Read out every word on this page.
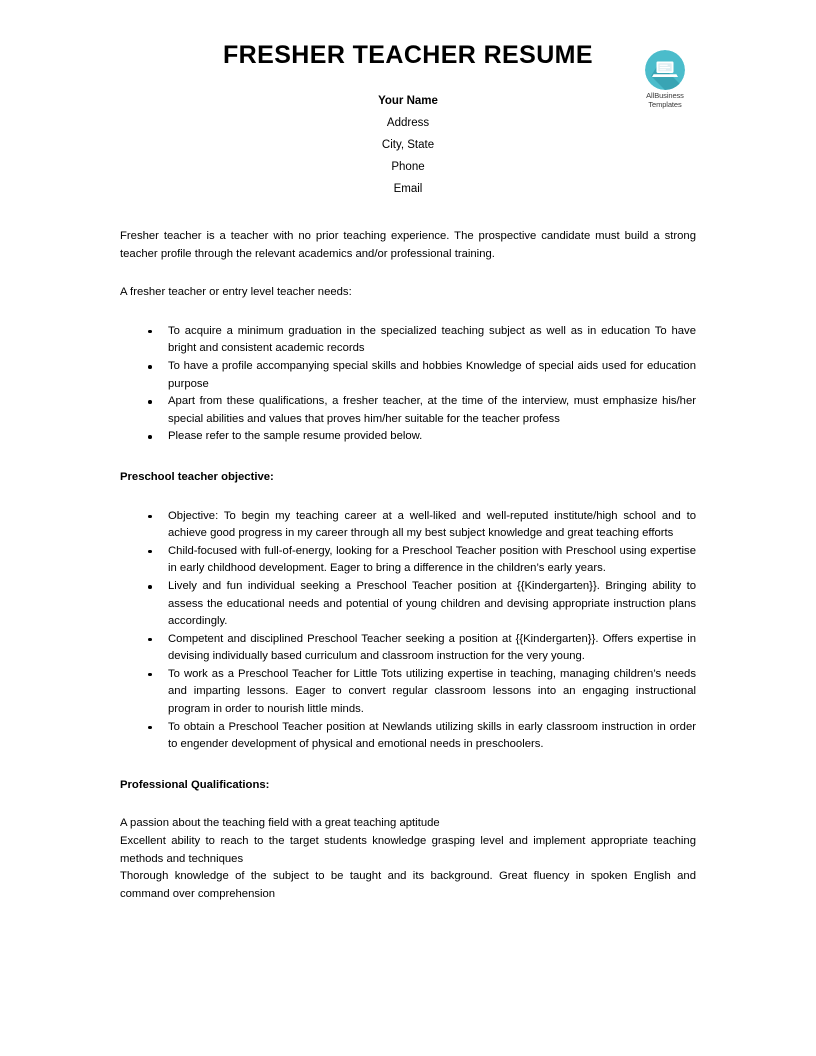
FRESHER TEACHER RESUME
AllBusiness
Templates
Your Name
Address
City, State
Phone
Email

Fresher teacher is a teacher with no prior teaching experience. The prospective candidate must build a strong teacher profile through the relevant academics and/or professional training.

A fresher teacher or entry level teacher needs:

To acquire a minimum graduation in the specialized teaching subject as well as in education To have bright and consistent academic records
To have a profile accompanying special skills and hobbies Knowledge of special aids used for education purpose
Apart from these qualifications, a fresher teacher, at the time of the interview, must emphasize his/her special abilities and values that proves him/her suitable for the teacher profess
Please refer to the sample resume provided below.

Preschool teacher objective:

Objective: To begin my teaching career at a well-liked and well-reputed institute/high school and to achieve good progress in my career through all my best subject knowledge and great teaching efforts
Child-focused with full-of-energy, looking for a Preschool Teacher position with Preschool using expertise in early childhood development. Eager to bring a difference in the children’s early years.
Lively and fun individual seeking a Preschool Teacher position at {{Kindergarten}}. Bringing ability to assess the educational needs and potential of young children and devising appropriate instruction plans accordingly.
Competent and disciplined Preschool Teacher seeking a position at {{Kindergarten}}. Offers expertise in devising individually based curriculum and classroom instruction for the very young.
To work as a Preschool Teacher for Little Tots utilizing expertise in teaching, managing children’s needs and imparting lessons. Eager to convert regular classroom lessons into an engaging instructional program in order to nourish little minds.
To obtain a Preschool Teacher position at Newlands utilizing skills in early classroom instruction in order to engender development of physical and emotional needs in preschoolers.

Professional Qualifications:

A passion about the teaching field with a great teaching aptitude

Excellent ability to reach to the target students knowledge grasping level and implement appropriate teaching methods and techniques

Thorough knowledge of the subject to be taught and its background. Great fluency in spoken English and command over comprehension
